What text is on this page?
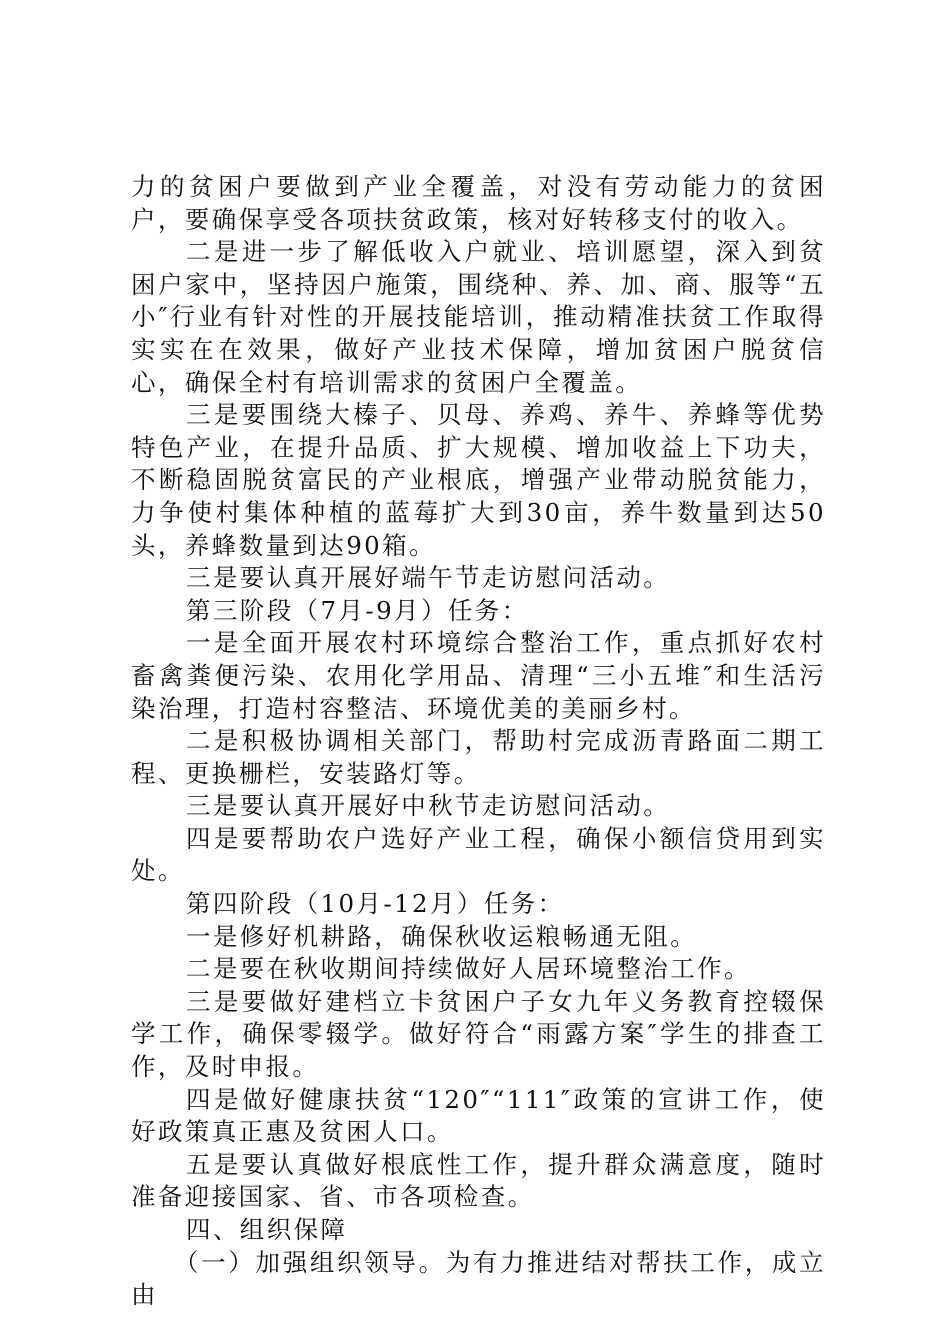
力的贫困户要做到产业全覆盖，对没有劳动能力的贫困户，要确保享受各项扶贫政策，核对好转移支付的收入。

二是进一步了解低收入户就业、培训愿望，深入到贫困户家中，坚持因户施策，围绕种、养、加、商、服等“五小″行业有针对性的开展技能培训，推动精准扶贫工作取得实实在在效果，做好产业技术保障，增加贫困户脱贫信心，确保全村有培训需求的贫困户全覆盖。

三是要围绕大榛子、贝母、养鸡、养牛、养蜂等优势特色产业，在提升品质、扩大规模、增加收益上下功夫，不断稳固脱贫富民的产业根底，增强产业带动脱贫能力，力争使村集体种植的蓝莓扩大到30亩，养牛数量到达50头，养蜂数量到达90箱。

三是要认真开展好端午节走访慰问活动。

第三阶段（7月-9月）任务：

一是全面开展农村环境综合整治工作，重点抓好农村畜禽粪便污染、农用化学用品、清理“三小五堆″和生活污染治理，打造村容整洁、环境优美的美丽乡村。

二是积极协调相关部门，帮助村完成沥青路面二期工程、更换栅栏，安装路灯等。

三是要认真开展好中秋节走访慰问活动。

四是要帮助农户选好产业工程，确保小额信贷用到实处。

第四阶段（10月-12月）任务：

一是修好机耕路，确保秋收运粮畅通无阻。

二是要在秋收期间持续做好人居环境整治工作。

三是要做好建档立卡贫困户子女九年义务教育控辍保学工作，确保零辍学。做好符合“雨露方案″学生的排查工作，及时申报。

四是做好健康扶贫“120″“111″政策的宣讲工作，使好政策真正惠及贫困人口。

五是要认真做好根底性工作，提升群众满意度，随时准备迎接国家、省、市各项检查。

四、组织保障

（一）加强组织领导。为有力推进结对帮扶工作，成立由
